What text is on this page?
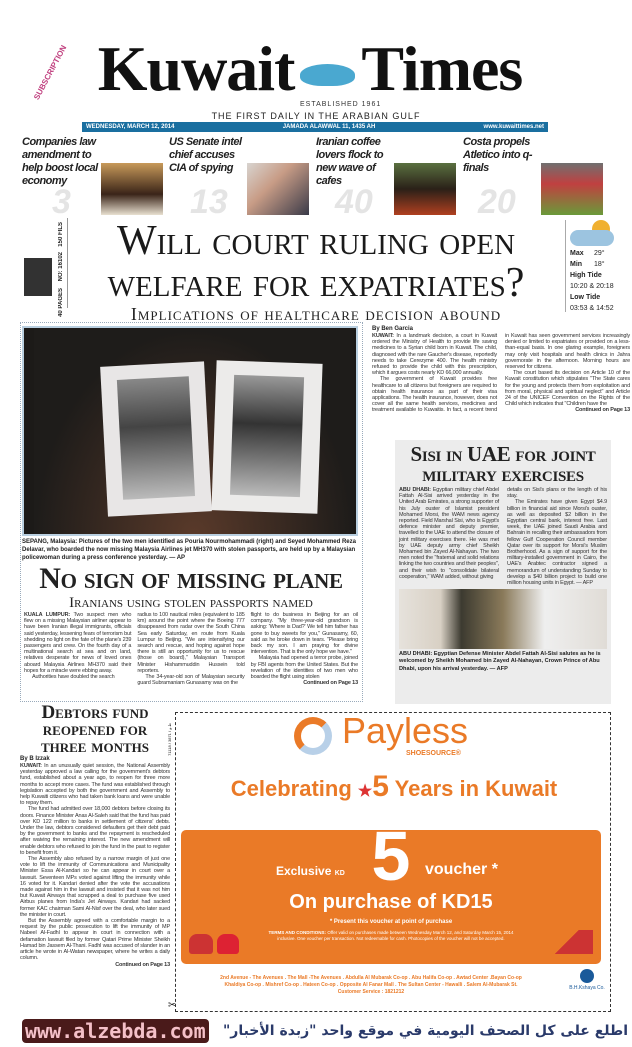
SUBSCRIPTION Kuwait Times
ESTABLISHED 1961
THE FIRST DAILY IN THE ARABIAN GULF
WEDNESDAY, MARCH 12, 2014	JAMADA ALAWWAL 11, 1435 AH	www.kuwaittimes.net
3	13	40	20
Companies law amendment to help boost local economy
US Senate intel chief accuses CIA of spying
Iranian coffee lovers flock to new wave of cafes
Costa propels Atletico into q-finals
150 FILS
NO: 16102
40 PAGES
Will court ruling open
welfare for expatriates?
Implications of healthcare decision abound
Max 29°
Min 18°
High Tide
10:20 & 20:18
Low Tide
03:53 & 14:52
SEPANG, Malaysia: Pictures of the two men identified as Pouria Nourmohammadi (right) and Seyed Mohammed Reza Delavar, who boarded the now missing Malaysia Airlines jet MH370 with stolen passports, are held up by a Malaysian policewoman during a press conference yesterday. — AP
No sign of missing plane
Iranians using stolen passports named

KUALA LUMPUR: Two suspect men who flew on a missing Malaysian airliner appear to have been Iranian illegal immigrants, officials said yesterday, lessening fears of terrorism but shedding no light on the fate of the plane's 239 passengers and crew. On the fourth day of a multinational search at sea and on land, relatives desperate for news of loved ones aboard Malaysia Airlines MH370 said their hopes for a miracle were ebbing away.

Authorities have doubled the search

radius to 100 nautical miles (equivalent to 185 km) around the point where the Boeing 777 disappeared from radar over the South China Sea early Saturday, en route from Kuala Lumpur to Beijing. "We are intensifying our search and rescue, and hoping against hope there is still an opportunity for us to rescue (those on board)," Malaysian Transport Minister Hishammuddin Hussein told reporters.

The 34-year-old son of Malaysian security guard Subramaniam Gunasamy was on the

flight to do business in Beijing for an oil company. "My three-year-old grandson is asking: 'Where is Dad?' We tell him father has gone to buy sweets for you," Gunasamy, 60, said as he broke down in tears. "Please bring back my son. I am praying for divine intervention. That is the only hope we have."

Malaysia had opened a terror probe, joined by FBI agents from the United States. But the revelation of the identities of two men who boarded the flight using stolen

Continued on Page 13
By Ben Garcia

KUWAIT: In a landmark decision, a court in Kuwait ordered the Ministry of Health to provide life saving medicines to a Syrian child born in Kuwait. The child, diagnosed with the rare Gaucher's disease, reportedly needs to take Cerezyme 400. The health ministry refused to provide the child with this prescription, which it argues costs nearly KD 66,000 annually.

The government of Kuwait provides free healthcare to all citizens but foreigners are required to obtain health insurance as part of their visa applications. The health insurance, however, does not cover all the same health services, medicines and treatment available to Kuwaitis. In fact, a recent trend in Kuwait has seen government services increasingly denied or limited to expatriates or provided on a less-than-equal basis. In one glaring example, foreigners may only visit hospitals and health clinics in Jahra governorate in the afternoon. Morning hours are reserved for citizens.

The court based its decision on Article 10 of the Kuwait constitution which stipulates "The State cares for the young and protects them from exploitation and from moral, physical and spiritual neglect" and Article 24 of the UNICEF Convention on the Rights of the Child which indicates that "Children have the

Continued on Page 13
Sisi in UAE for joint military exercises

ABU DHABI: Egyptian military chief Abdel Fattah Al-Sisi arrived yesterday in the United Arab Emirates, a strong supporter of his July ouster of Islamist president Mohamed Morsi, the WAM news agency reported. Field Marshal Sisi, who is Egypt's defence minister and deputy premier, travelled to the UAE to attend the closure of joint military exercises there. He was met by UAE deputy army chief Sheikh Mohamed bin Zayed Al-Nahayan. The two men noted the "fraternal and solid relations linking the two countries and their peoples", and their wish to "consolidate bilateral cooperation," WAM added, without giving

details on Sisi's plans or the length of his stay.

The Emirates have given Egypt $4.9 billion in financial aid since Morsi's ouster, as well as deposited $2 billion in the Egyptian central bank, interest free. Last week, the UAE joined Saudi Arabia and Bahrain in recalling their ambassadors from fellow Gulf Cooperation Council member Qatar over its support for Morsi's Muslim Brotherhood. As a sign of support for the military-installed government in Cairo, the UAE's Arabtec contractor signed a memorandum of understanding Sunday to develop a $40 billion project to build one million housing units in Egypt. — AFP

ABU DHABI: Egyptian Defense Minister Abdel Fattah Al-Sisi salutes as he is welcomed by Sheikh Mohamed bin Zayed Al-Nahayan, Crown Prince of Abu Dhabi, upon his arrival yesterday. — AFP
Debtors fund reopened for three months
By B Izzak

KUWAIT: In an unusually quiet session, the National Assembly yesterday approved a law calling for the government's debtors fund, established about a year ago, to reopen for three more months to accept more cases. The fund was established through legislation accepted by both the government and Assembly to help Kuwaiti citizens who had taken bank loans and were unable to repay them.

The fund had admitted over 18,000 debtors before closing its doors. Finance Minister Anas Al-Saleh said that the fund has paid over KD 122 million to banks in settlement of citizens' debts. Under the law, debtors considered defaulters get their debt paid by the government to banks and the repayment is rescheduled after waiving the remaining interest. The new amendment will enable debtors who refused to join the fund in the past to register to benefit from it.

The Assembly also refused by a narrow margin of just one vote to lift the immunity of Communications and Municipality Minister Essa Al-Kandari so he can appear in court over a lawsuit. Seventeen MPs voted against lifting the immunity while 16 voted for it. Kandari denied after the vote the accusations made against him in the lawsuit and insisted that it was not him but Kuwait Airways that scrapped a deal to purchase five used Airbus planes from India's Jet Airways. Kandari had sacked former KAC chairman Sami Al-Nisf over the deal, who later sued the minister in court.

But the Assembly agreed with a comfortable margin to a request by the public prosecution to lift the immunity of MP Nabeel Al-Fadhl to appear in court in connection with a defamation lawsuit filed by former Qatari Prime Minister Sheikh Hamad bin Jassem Al-Thani. Fadhl was accused of slander in an article he wrote in Al-Watan newspaper, where he writes a daily column.

Continued on Page 13
71118 / 3871 / ط.و	Payless
SHOESOURCE®
Celebrating ★5 Years in Kuwait
✂
2nd Avenue - The Avenues . The Mall -The Avenues . Abdulla Al Mubarak Co-op . Abu Halifa Co-op . Awtad Center .Bayan Co-op
Khaldiya Co-op . Mishref Co-op . Hateen Co-op . Opposite Al Fanar Mall . The Sultan Center - Hawalli . Salem Al-Mubarak St.
Customer Service : 1821212
B.H.Kshaya Co.
5
Exclusive KD	voucher *
On purchase of KD15
* Present this voucher at point of purchase
TERMS AND CONDITIONS: Offer valid on purchases made between Wednesday March 12, and Saturday March 15, 2014 inclusive. One voucher per transaction. Not redeemable for cash. Photocopies of the voucher will not be accepted.
www.alzebda.com اطلع على كل الصحف اليومية في موقع واحد "زبدة الأخبار"
